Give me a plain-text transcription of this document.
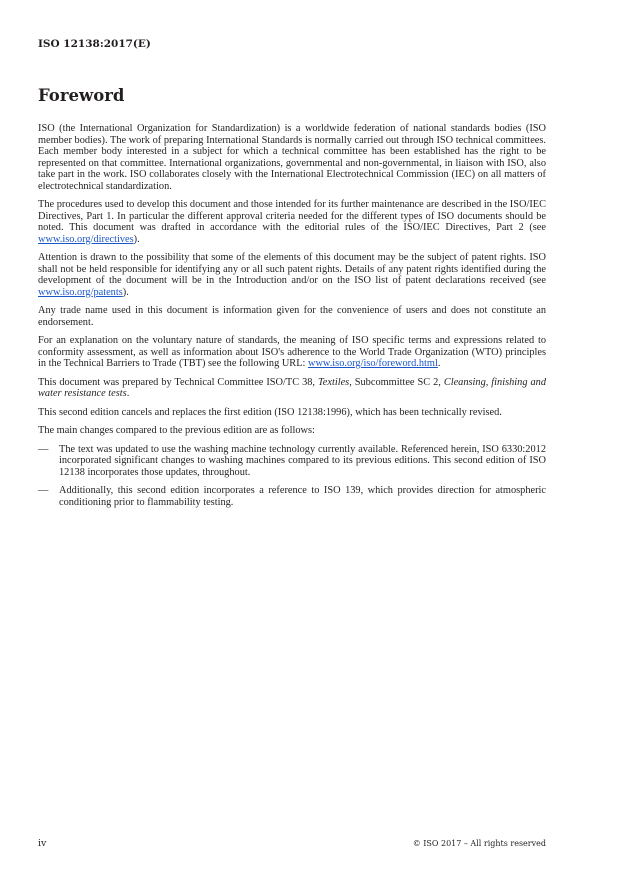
ISO 12138:2017(E)
Foreword

ISO (the International Organization for Standardization) is a worldwide federation of national standards bodies (ISO member bodies). The work of preparing International Standards is normally carried out through ISO technical committees. Each member body interested in a subject for which a technical committee has been established has the right to be represented on that committee. International organizations, governmental and non-governmental, in liaison with ISO, also take part in the work. ISO collaborates closely with the International Electrotechnical Commission (IEC) on all matters of electrotechnical standardization.

The procedures used to develop this document and those intended for its further maintenance are described in the ISO/IEC Directives, Part 1. In particular the different approval criteria needed for the different types of ISO documents should be noted. This document was drafted in accordance with the editorial rules of the ISO/IEC Directives, Part 2 (see www.iso.org/directives).

Attention is drawn to the possibility that some of the elements of this document may be the subject of patent rights. ISO shall not be held responsible for identifying any or all such patent rights. Details of any patent rights identified during the development of the document will be in the Introduction and/or on the ISO list of patent declarations received (see www.iso.org/patents).

Any trade name used in this document is information given for the convenience of users and does not constitute an endorsement.

For an explanation on the voluntary nature of standards, the meaning of ISO specific terms and expressions related to conformity assessment, as well as information about ISO's adherence to the World Trade Organization (WTO) principles in the Technical Barriers to Trade (TBT) see the following URL: www.iso.org/iso/foreword.html.

This document was prepared by Technical Committee ISO/TC 38, Textiles, Subcommittee SC 2, Cleansing, finishing and water resistance tests.

This second edition cancels and replaces the first edition (ISO 12138:1996), which has been technically revised.

The main changes compared to the previous edition are as follows:

—	The text was updated to use the washing machine technology currently available. Referenced herein, ISO 6330:2012 incorporated significant changes to washing machines compared to its previous editions. This second edition of ISO 12138 incorporates those updates, throughout.
—	Additionally, this second edition incorporates a reference to ISO 139, which provides direction for atmospheric conditioning prior to flammability testing.
iv	© ISO 2017 – All rights reserved
